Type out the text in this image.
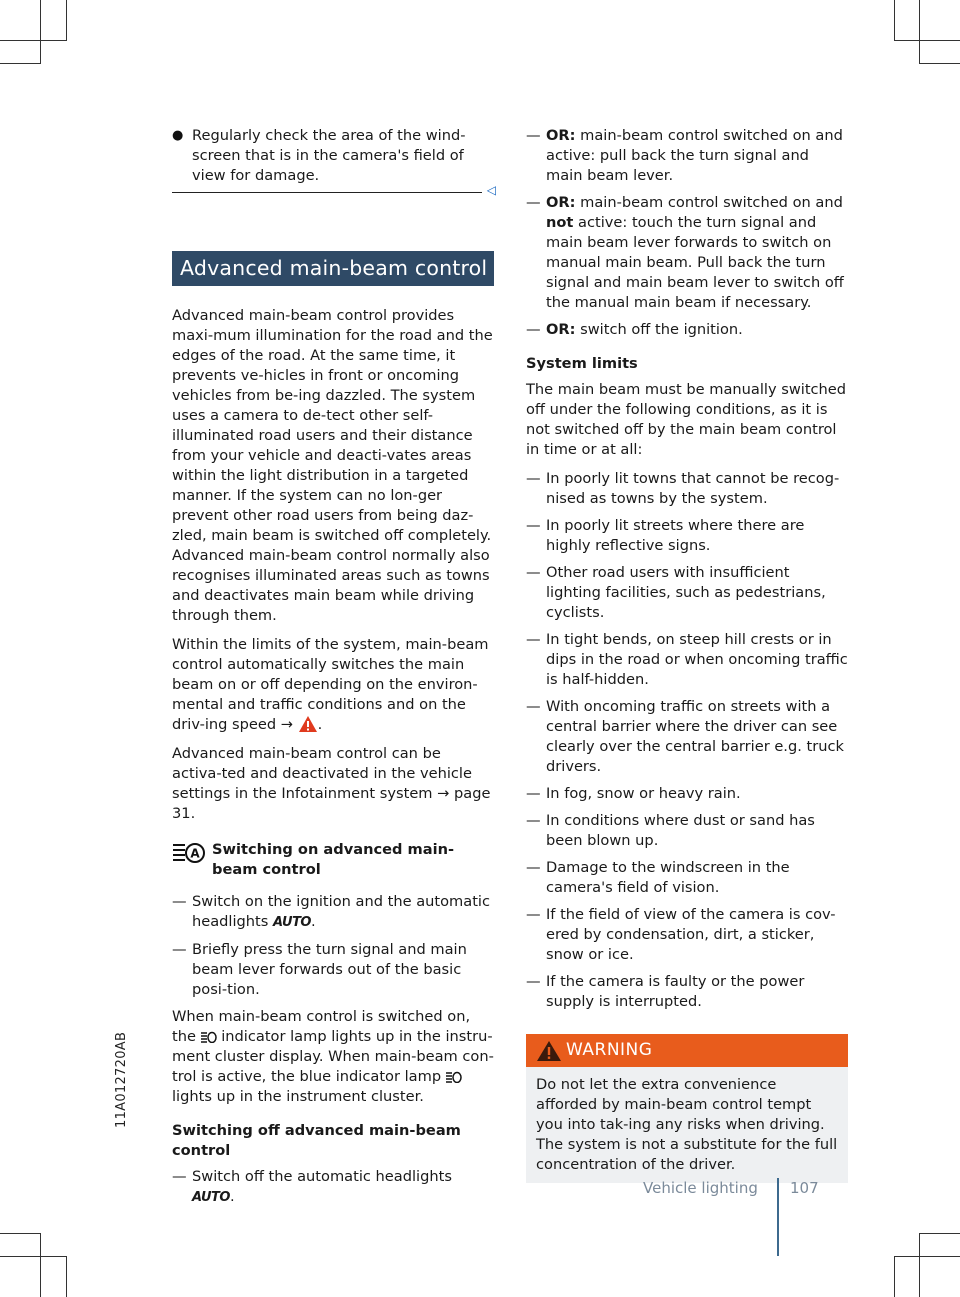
11A012720AB
● Regularly check the area of the wind-screen that is in the camera's field of view for damage.
◁
Advanced main-beam control

Advanced main-beam control provides maxi-mum illumination for the road and the edges of the road. At the same time, it prevents ve-hicles in front or oncoming vehicles from be-ing dazzled. The system uses a camera to de-tect other self-illuminated road users and their distance from your vehicle and deacti-vates areas within the light distribution in a targeted manner. If the system can no lon-ger prevent other road users from being daz-zled, main beam is switched off completely. Advanced main-beam control normally also recognises illuminated areas such as towns and deactivates main beam while driving through them.

Within the limits of the system, main-beam control automatically switches the main beam on or off depending on the environ-mental and traffic conditions and on the driv-ing speed → .

Advanced main-beam control can be activa-ted and deactivated in the vehicle settings in the Infotainment system → page 31.

A Switching on advanced main-beam control
— Switch on the ignition and the automatic headlights AUTO.
— Briefly press the turn signal and main beam lever forwards out of the basic posi-tion.

When main-beam control is switched on, the indicator lamp lights up in the instru-ment cluster display. When main-beam con-trol is active, the blue indicator lamp  lights up in the instrument cluster.

Switching off advanced main-beam control
— Switch off the automatic headlights AUTO.
— OR: main-beam control switched on and active: pull back the turn signal and main beam lever.
— OR: main-beam control switched on and not active: touch the turn signal and main beam lever forwards to switch on manual main beam. Pull back the turn signal and main beam lever to switch off the manual main beam if necessary.
— OR: switch off the ignition.
System limits

The main beam must be manually switched off under the following conditions, as it is not switched off by the main beam control in time or at all:

— In poorly lit towns that cannot be recog-nised as towns by the system.
— In poorly lit streets where there are highly reflective signs.
— Other road users with insufficient lighting facilities, such as pedestrians, cyclists.
— In tight bends, on steep hill crests or in dips in the road or when oncoming traffic is half-hidden.
— With oncoming traffic on streets with a central barrier where the driver can see clearly over the central barrier e.g. truck drivers.
— In fog, snow or heavy rain.
— In conditions where dust or sand has been blown up.
— Damage to the windscreen in the camera's field of vision.
— If the field of view of the camera is cov-ered by condensation, dirt, a sticker, snow or ice.
— If the camera is faulty or the power supply is interrupted.
WARNING
Do not let the extra convenience afforded by main-beam control tempt you into tak-ing any risks when driving. The system is not a substitute for the full concentration of the driver.
Vehicle lighting 107
